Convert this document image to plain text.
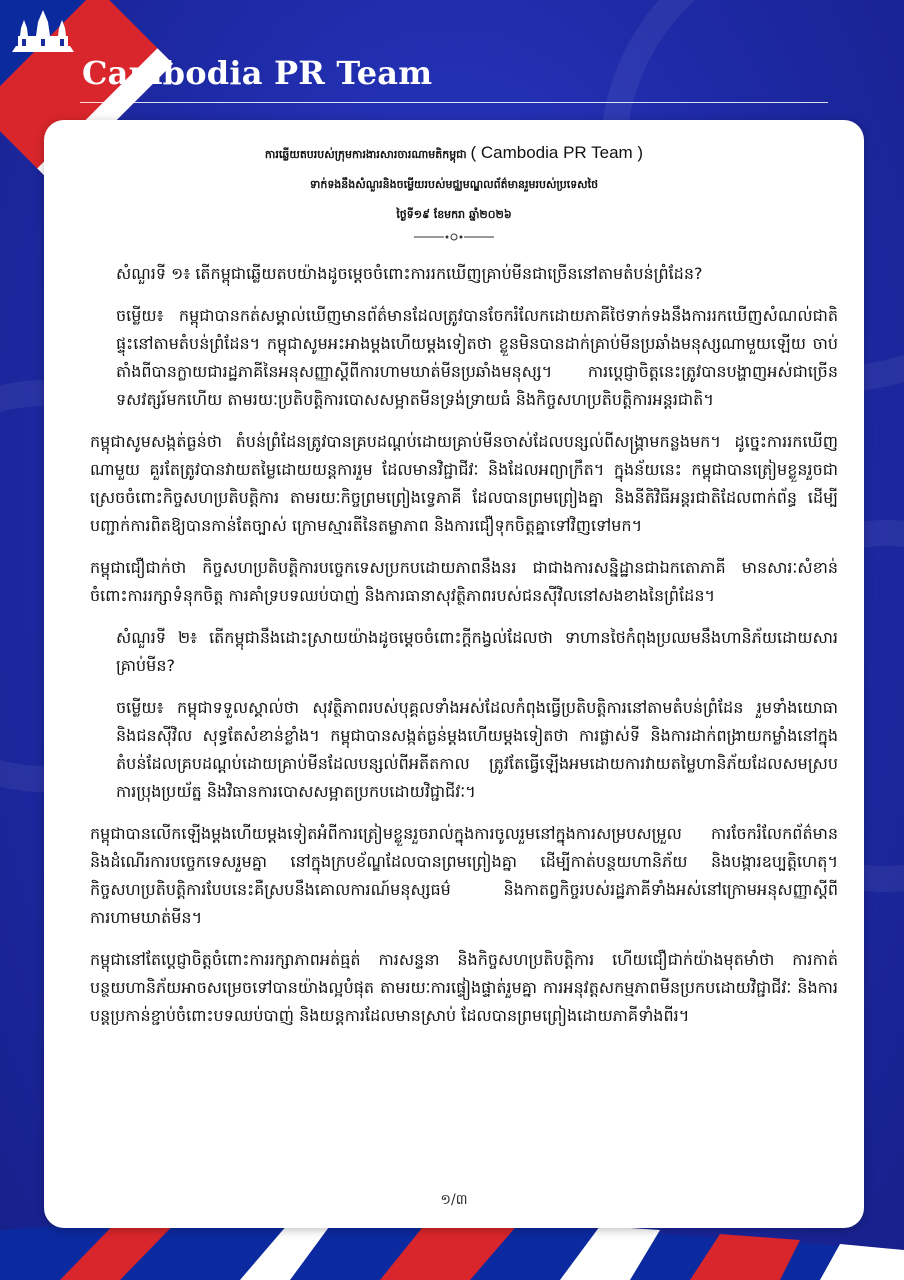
Cambodia PR Team
ការឆ្លើយតបរបស់ក្រុមការងារសារចារណាមតិកម្ពុជា ( Cambodia PR Team )
ទាក់ទងនឹងសំណួរនិងចម្លើយរបស់មជ្ឈមណ្ឌលព័ត៌មានរួមរបស់ប្រទេសថៃ
ថ្ងៃទី១៩ ខែមករា ឆ្នាំ២០២៦

សំណួរទី ១៖ តើកម្ពុជាឆ្លើយតបយ៉ាងដូចម្តេចចំពោះការរកឃើញគ្រាប់មីនជាច្រើននៅតាមតំបន់ព្រំដែន?

ចម្លើយ៖ កម្ពុជាបានកត់សម្គាល់ឃើញមានព័ត៌មានដែលត្រូវបានចែករំលែកដោយភាគីថៃទាក់ទងនឹងការរកឃើញសំណល់ជាតិផ្ទុះនៅតាមតំបន់ព្រំដែន។ កម្ពុជាសូមអះអាងម្តងហើយម្តងទៀតថា ខ្លួនមិនបានដាក់គ្រាប់មីនប្រឆាំងមនុស្សណាមួយឡើយ ចាប់តាំងពីបានក្លាយជារដ្ឋភាគីនៃអនុសញ្ញាស្តីពីការហាមឃាត់មីនប្រឆាំងមនុស្ស។ ការប្តេជ្ញាចិត្តនេះត្រូវបានបង្ហាញអស់ជាច្រើនទសវត្សរ៍មកហើយ តាមរយៈប្រតិបត្តិការបោសសម្អាតមីនទ្រង់ទ្រាយធំ និងកិច្ចសហប្រតិបត្តិការអន្តរជាតិ។

កម្ពុជាសូមសង្កត់ធ្ងន់ថា តំបន់ព្រំដែនត្រូវបានគ្របដណ្តប់ដោយគ្រាប់មីនចាស់ដែលបន្សល់ពីសង្គ្រាមកន្លងមក។ ដូច្នេះការរកឃើញណាមួយ គួរតែត្រូវបានវាយតម្លៃដោយយន្តការរួម ដែលមានវិជ្ជាជីវៈ និងដែលអព្យាក្រឹត។ ក្នុងន័យនេះ កម្ពុជាបានត្រៀមខ្លួនរួចជាស្រេចចំពោះកិច្ចសហប្រតិបត្តិការ តាមរយៈកិច្ចព្រមព្រៀងទ្វេភាគី ដែលបានព្រមព្រៀងគ្នា និងនីតិវិធីអន្តរជាតិដែលពាក់ព័ន្ធ ដើម្បីបញ្ជាក់ការពិតឱ្យបានកាន់តែច្បាស់ ក្រោមស្មារតីនៃតម្លាភាព និងការជឿទុកចិត្តគ្នាទៅវិញទៅមក។

កម្ពុជាជឿជាក់ថា កិច្ចសហប្រតិបត្តិការបច្ចេកទេសប្រកបដោយភាពនឹងនរ ជាជាងការសន្និដ្ឋានជាឯកតោភាគី មានសារៈសំខាន់ចំពោះការរក្សាទំនុកចិត្ត ការគាំទ្របទឈប់បាញ់ និងការធានាសុវត្ថិភាពរបស់ជនស៊ីវិលនៅសងខាងនៃព្រំដែន។

សំណួរទី ២៖ តើកម្ពុជានឹងដោះស្រាយយ៉ាងដូចម្តេចចំពោះក្តីកង្វល់ដែលថា ទាហានថៃកំពុងប្រឈមនឹងហានិភ័យដោយសារគ្រាប់មីន?

ចម្លើយ៖ កម្ពុជាទទួលស្គាល់ថា សុវត្ថិភាពរបស់បុគ្គលទាំងអស់ដែលកំពុងធ្វើប្រតិបត្តិការនៅតាមតំបន់ព្រំដែន រួមទាំងយោធា និងជនស៊ីវិល សុទ្ធតែសំខាន់ខ្លាំង។ កម្ពុជាបានសង្កត់ធ្ងន់ម្តងហើយម្តងទៀតថា ការផ្លាស់ទី និងការដាក់ពង្រាយកម្លាំងនៅក្នុងតំបន់ដែលគ្របដណ្តប់ដោយគ្រាប់មីនដែលបន្សល់ពីអតីតកាល ត្រូវតែធ្វើឡើងអមដោយការវាយតម្លៃហានិភ័យដែលសមស្រប ការប្រុងប្រយ័ត្ន និងវិធានការបោសសម្អាតប្រកបដោយវិជ្ជាជីវៈ។

កម្ពុជាបានលើកឡើងម្តងហើយម្តងទៀតអំពីការត្រៀមខ្លួនរួចរាល់ក្នុងការចូលរួមនៅក្នុងការសម្របសម្រួល ការចែករំលែកព័ត៌មាន និងដំណើរការបច្ចេកទេសរួមគ្នា នៅក្នុងក្របខ័ណ្ឌដែលបានព្រមព្រៀងគ្នា ដើម្បីកាត់បន្ថយហានិភ័យ និងបង្ការឧប្បត្តិហេតុ។ កិច្ចសហប្រតិបត្តិការបែបនេះគឺស្របនឹងគោលការណ៍មនុស្សធម៌ និងកាតព្វកិច្ចរបស់រដ្ឋភាគីទាំងអស់នៅក្រោមអនុសញ្ញាស្តីពីការហាមឃាត់មីន។

កម្ពុជានៅតែប្តេជ្ញាចិត្តចំពោះការរក្សាភាពអត់ធ្មត់ ការសន្ទនា និងកិច្ចសហប្រតិបត្តិការ ហើយជឿជាក់យ៉ាងមុតមាំថា ការកាត់បន្ថយហានិភ័យអាចសម្រេចទៅបានយ៉ាងល្អបំផុត តាមរយៈការផ្ទៀងផ្ទាត់រួមគ្នា ការអនុវត្តសកម្មភាពមីនប្រកបដោយវិជ្ជាជីវៈ និងការបន្តប្រកាន់ខ្ជាប់ចំពោះបទឈប់បាញ់ និងយន្តការដែលមានស្រាប់ ដែលបានព្រមព្រៀងដោយភាគីទាំងពីរ។

១/៣
